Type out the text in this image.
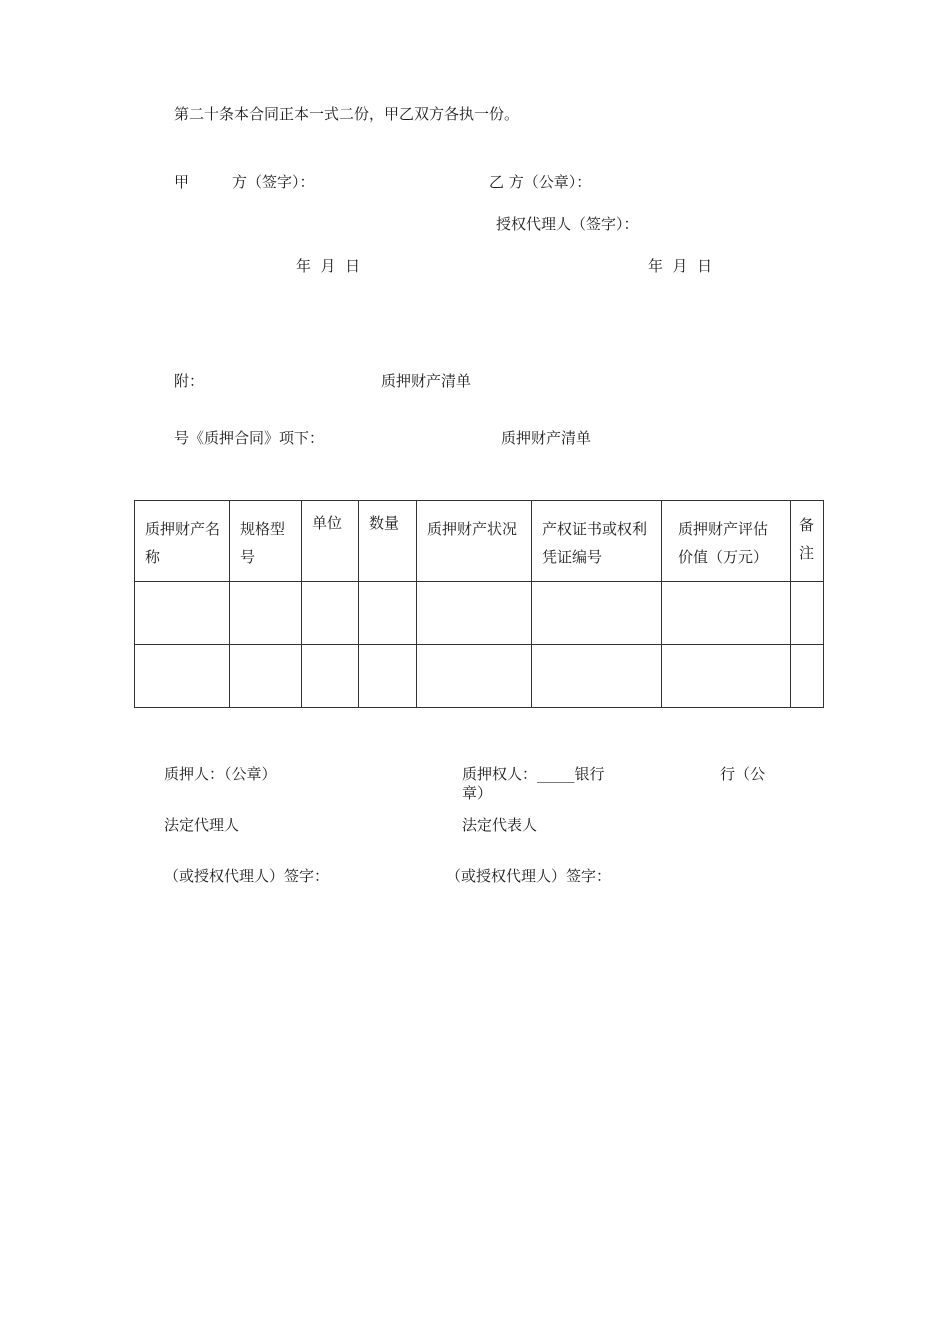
第二十条本合同正本一式二份，甲乙双方各执一份。
甲	方（签字）：	乙 方（公章）：
授权代理人（签字）：
年  月  日	年  月  日
附：	质押财产清单
号《质押合同》项下：	质押财产清单
质押财产名称	规格型号	单位	数量	质押财产状况	产权证书或权利凭证编号	质押财产评估价值（万元）	备注

质押人：（公章）	质押权人：_____银行	行（公
章）
法定代理人	法定代表人
（或授权代理人）签字：	（或授权代理人）签字：
